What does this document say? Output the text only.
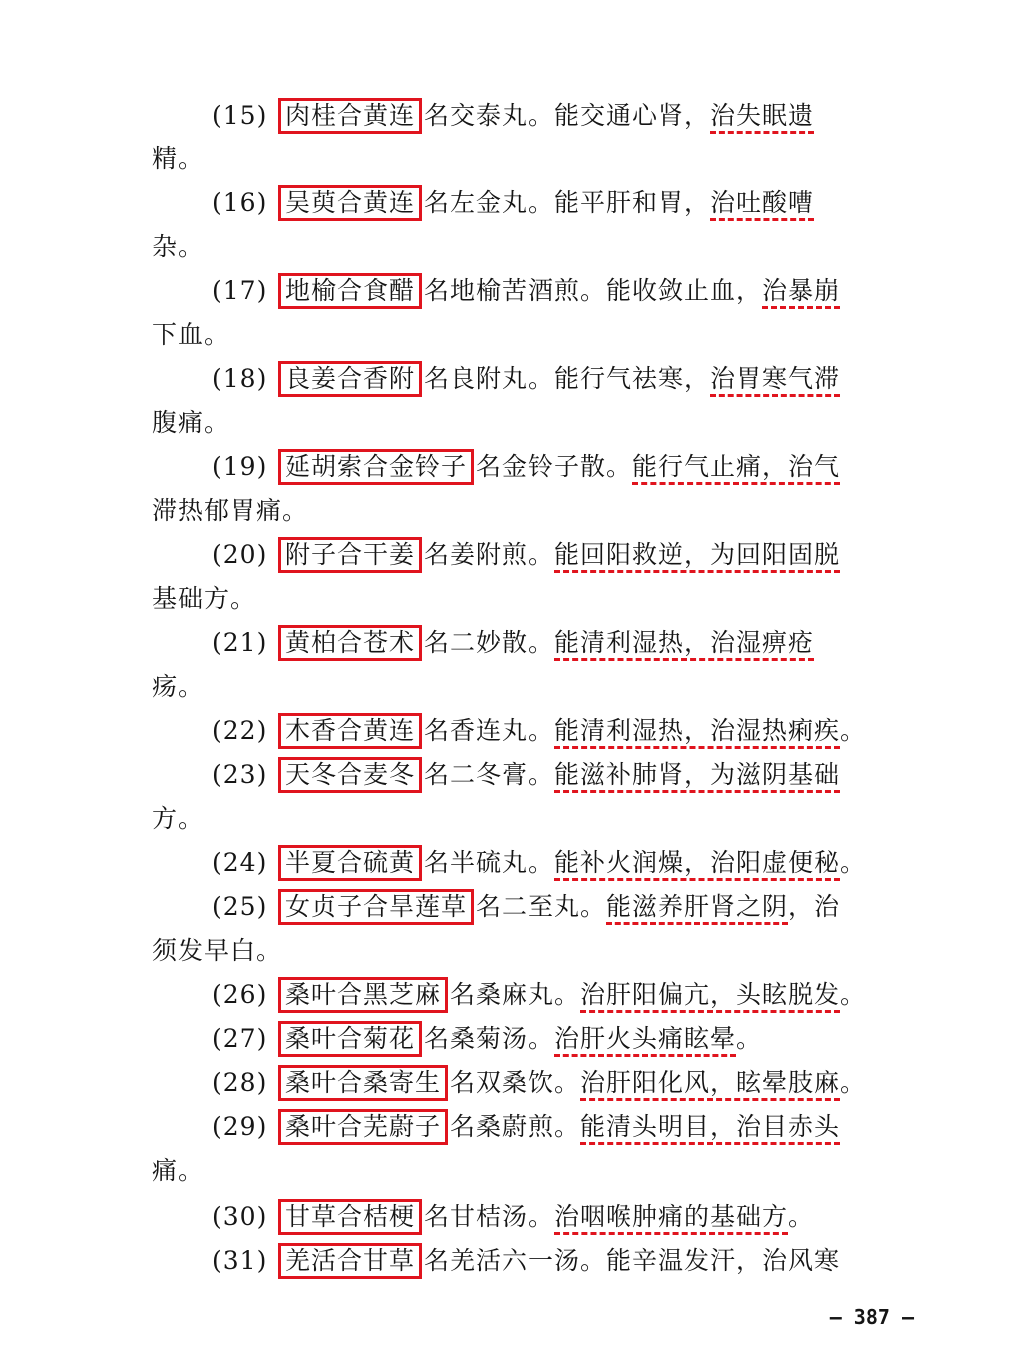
(15) 肉桂合黄连 名交泰丸。能交通心肾，治失眠遗
精。
(16) 吴萸合黄连 名左金丸。能平肝和胃，治吐酸嘈
杂。
(17) 地榆合食醋 名地榆苦酒煎。能收敛止血，治暴崩
下血。
(18) 良姜合香附 名良附丸。能行气祛寒，治胃寒气滞
腹痛。
(19) 延胡索合金铃子 名金铃子散。能行气止痛，治气
滞热郁胃痛。
(20) 附子合干姜 名姜附煎。能回阳救逆，为回阳固脱
基础方。
(21) 黄柏合苍术 名二妙散。能清利湿热，治湿痹疮
疡。
(22) 木香合黄连 名香连丸。能清利湿热，治湿热痢疾。
(23) 天冬合麦冬 名二冬膏。能滋补肺肾，为滋阴基础
方。
(24) 半夏合硫黄 名半硫丸。能补火润燥，治阳虚便秘。
(25) 女贞子合旱莲草 名二至丸。能滋养肝肾之阴，治
须发早白。
(26) 桑叶合黑芝麻 名桑麻丸。治肝阳偏亢，头眩脱发。
(27) 桑叶合菊花 名桑菊汤。治肝火头痛眩晕。
(28) 桑叶合桑寄生 名双桑饮。治肝阳化风，眩晕肢麻。
(29) 桑叶合芜蔚子 名桑蔚煎。能清头明目，治目赤头
痛。
(30) 甘草合桔梗 名甘桔汤。治咽喉肿痛的基础方。
(31) 羌活合甘草 名羌活六一汤。能辛温发汗，治风寒
— 387 —
